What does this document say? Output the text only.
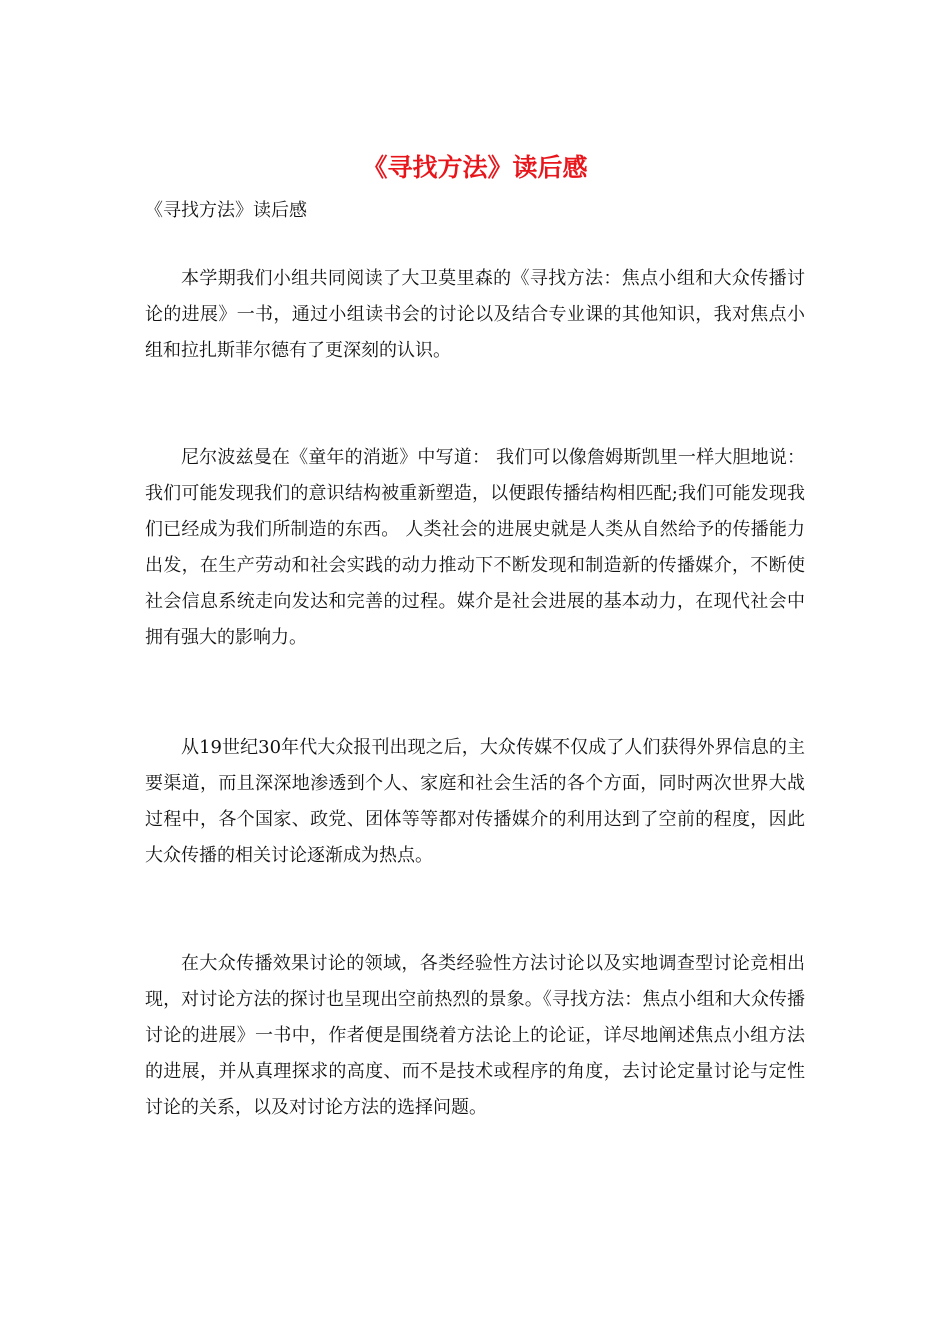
《寻找方法》读后感

《寻找方法》读后感

本学期我们小组共同阅读了大卫莫里森的《寻找方法：焦点小组和大众传播讨论的进展》一书，通过小组读书会的讨论以及结合专业课的其他知识，我对焦点小组和拉扎斯菲尔德有了更深刻的认识。

尼尔波兹曼在《童年的消逝》中写道： 我们可以像詹姆斯凯里一样大胆地说：我们可能发现我们的意识结构被重新塑造，以便跟传播结构相匹配;我们可能发现我们已经成为我们所制造的东西。 人类社会的进展史就是人类从自然给予的传播能力出发，在生产劳动和社会实践的动力推动下不断发现和制造新的传播媒介，不断使社会信息系统走向发达和完善的过程。媒介是社会进展的基本动力，在现代社会中拥有强大的影响力。

从19世纪30年代大众报刊出现之后，大众传媒不仅成了人们获得外界信息的主要渠道，而且深深地渗透到个人、家庭和社会生活的各个方面，同时两次世界大战过程中，各个国家、政党、团体等等都对传播媒介的利用达到了空前的程度，因此大众传播的相关讨论逐渐成为热点。

在大众传播效果讨论的领域，各类经验性方法讨论以及实地调查型讨论竞相出现，对讨论方法的探讨也呈现出空前热烈的景象。《寻找方法：焦点小组和大众传播讨论的进展》一书中，作者便是围绕着方法论上的论证，详尽地阐述焦点小组方法的进展，并从真理探求的高度、而不是技术或程序的角度，去讨论定量讨论与定性讨论的关系，以及对讨论方法的选择问题。
